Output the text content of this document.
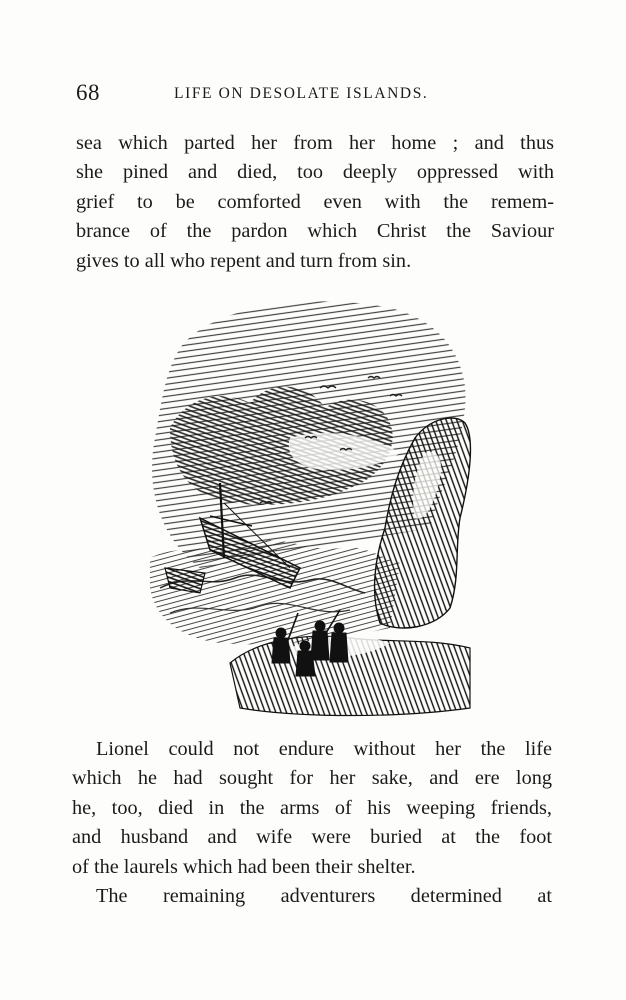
68	LIFE ON DESOLATE ISLANDS.
sea which parted her from her home ; and thus
she pined and died, too deeply oppressed with
grief to be comforted even with the remem-
brance of the pardon which Christ the Saviour
gives to all who repent and turn from sin.
Lionel could not endure without her the life
which he had sought for her sake, and ere long
he, too, died in the arms of his weeping friends,
and husband and wife were buried at the foot
of the laurels which had been their shelter.
The remaining adventurers determined at
